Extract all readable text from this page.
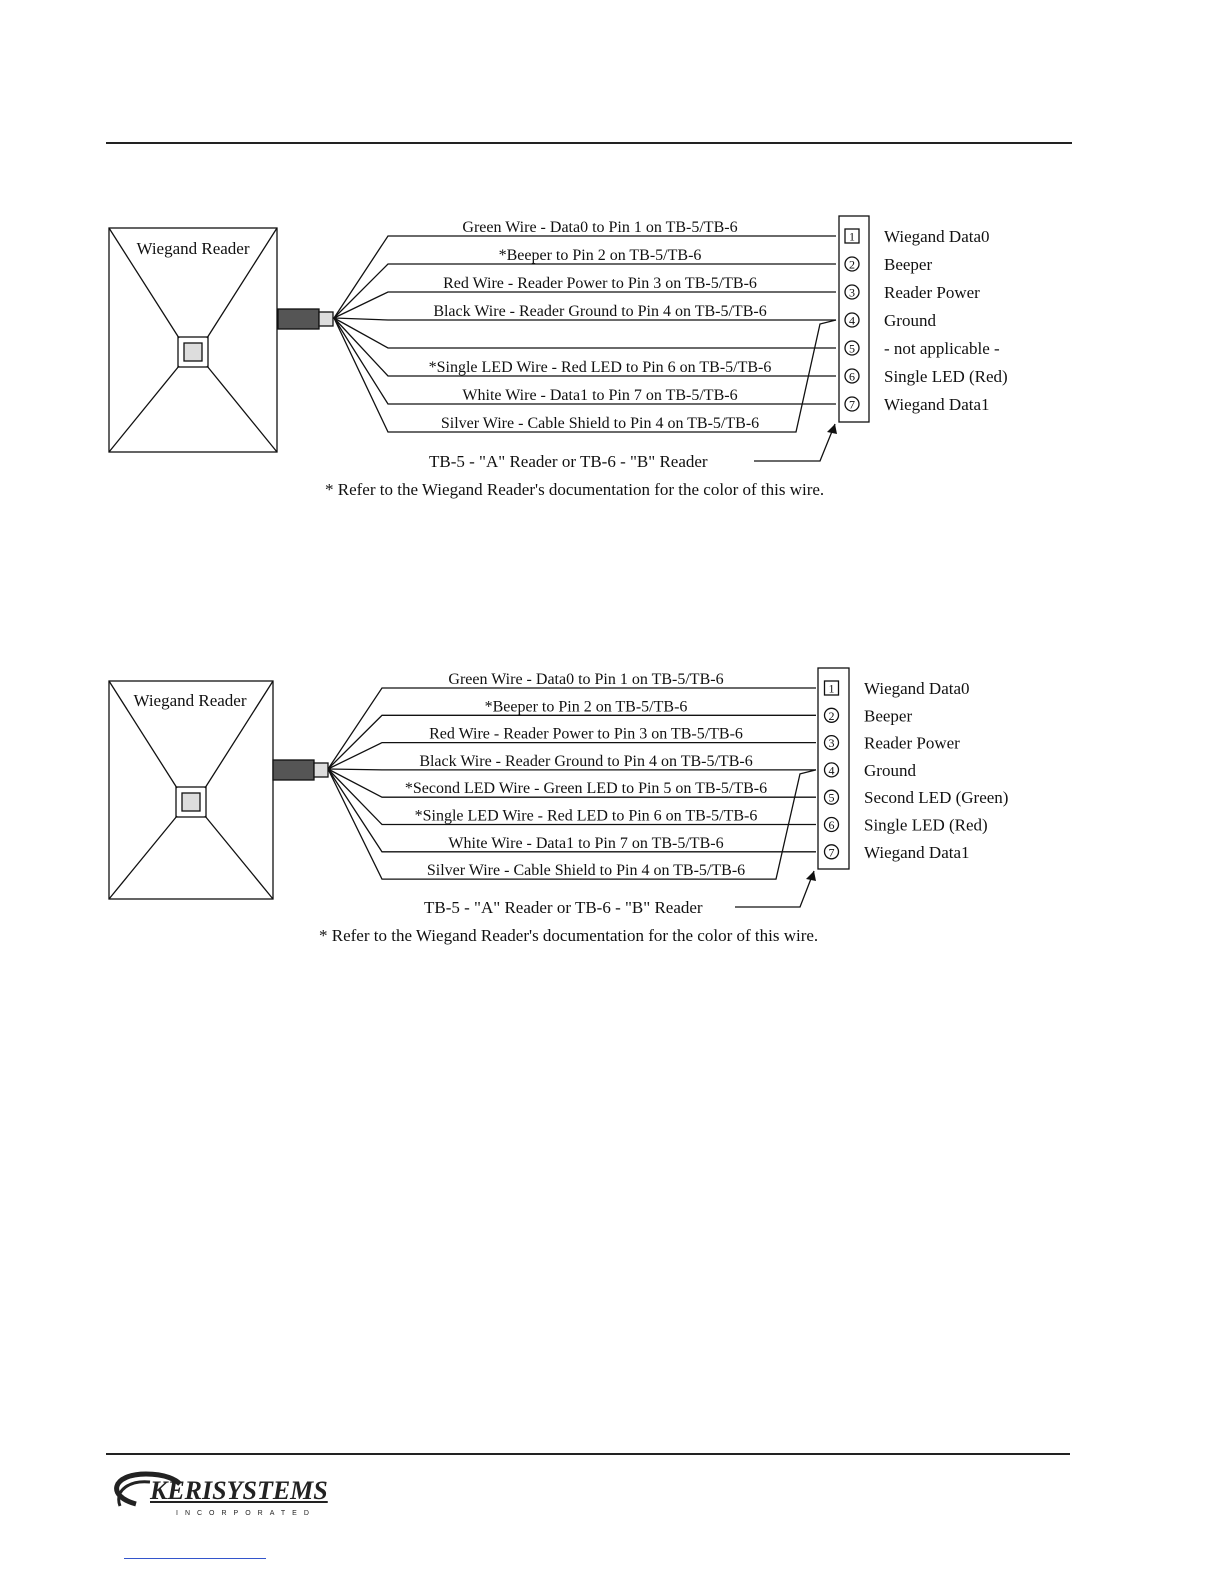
Wiegand Reader
Green Wire - Data0 to Pin 1 on TB-5/TB-6
*Beeper to Pin 2 on TB-5/TB-6
Red Wire - Reader Power to Pin 3 on TB-5/TB-6
Black Wire - Reader Ground to Pin 4 on TB-5/TB-6
*Single LED Wire - Red LED to Pin 6 on TB-5/TB-6
White Wire - Data1 to Pin 7 on TB-5/TB-6
Silver Wire - Cable Shield to Pin 4 on TB-5/TB-6
1 Wiegand Data0
2 Beeper
3 Reader Power
4 Ground
5 - not applicable -
6 Single LED (Red)
7 Wiegand Data1
TB-5 - "A" Reader or TB-6 - "B" Reader
* Refer to the Wiegand Reader's documentation for the color of this wire.
Wiegand Reader
Green Wire - Data0 to Pin 1 on TB-5/TB-6
*Beeper to Pin 2 on TB-5/TB-6
Red Wire - Reader Power to Pin 3 on TB-5/TB-6
Black Wire - Reader Ground to Pin 4 on TB-5/TB-6
*Second LED Wire - Green LED to Pin 5 on TB-5/TB-6
*Single LED Wire - Red LED to Pin 6 on TB-5/TB-6
White Wire - Data1 to Pin 7 on TB-5/TB-6
Silver Wire - Cable Shield to Pin 4 on TB-5/TB-6
1 Wiegand Data0
2 Beeper
3 Reader Power
4 Ground
5 Second LED (Green)
6 Single LED (Red)
7 Wiegand Data1
TB-5 - "A" Reader or TB-6 - "B" Reader
* Refer to the Wiegand Reader's documentation for the color of this wire.
KERISYSTEMS
INCORPORATED
